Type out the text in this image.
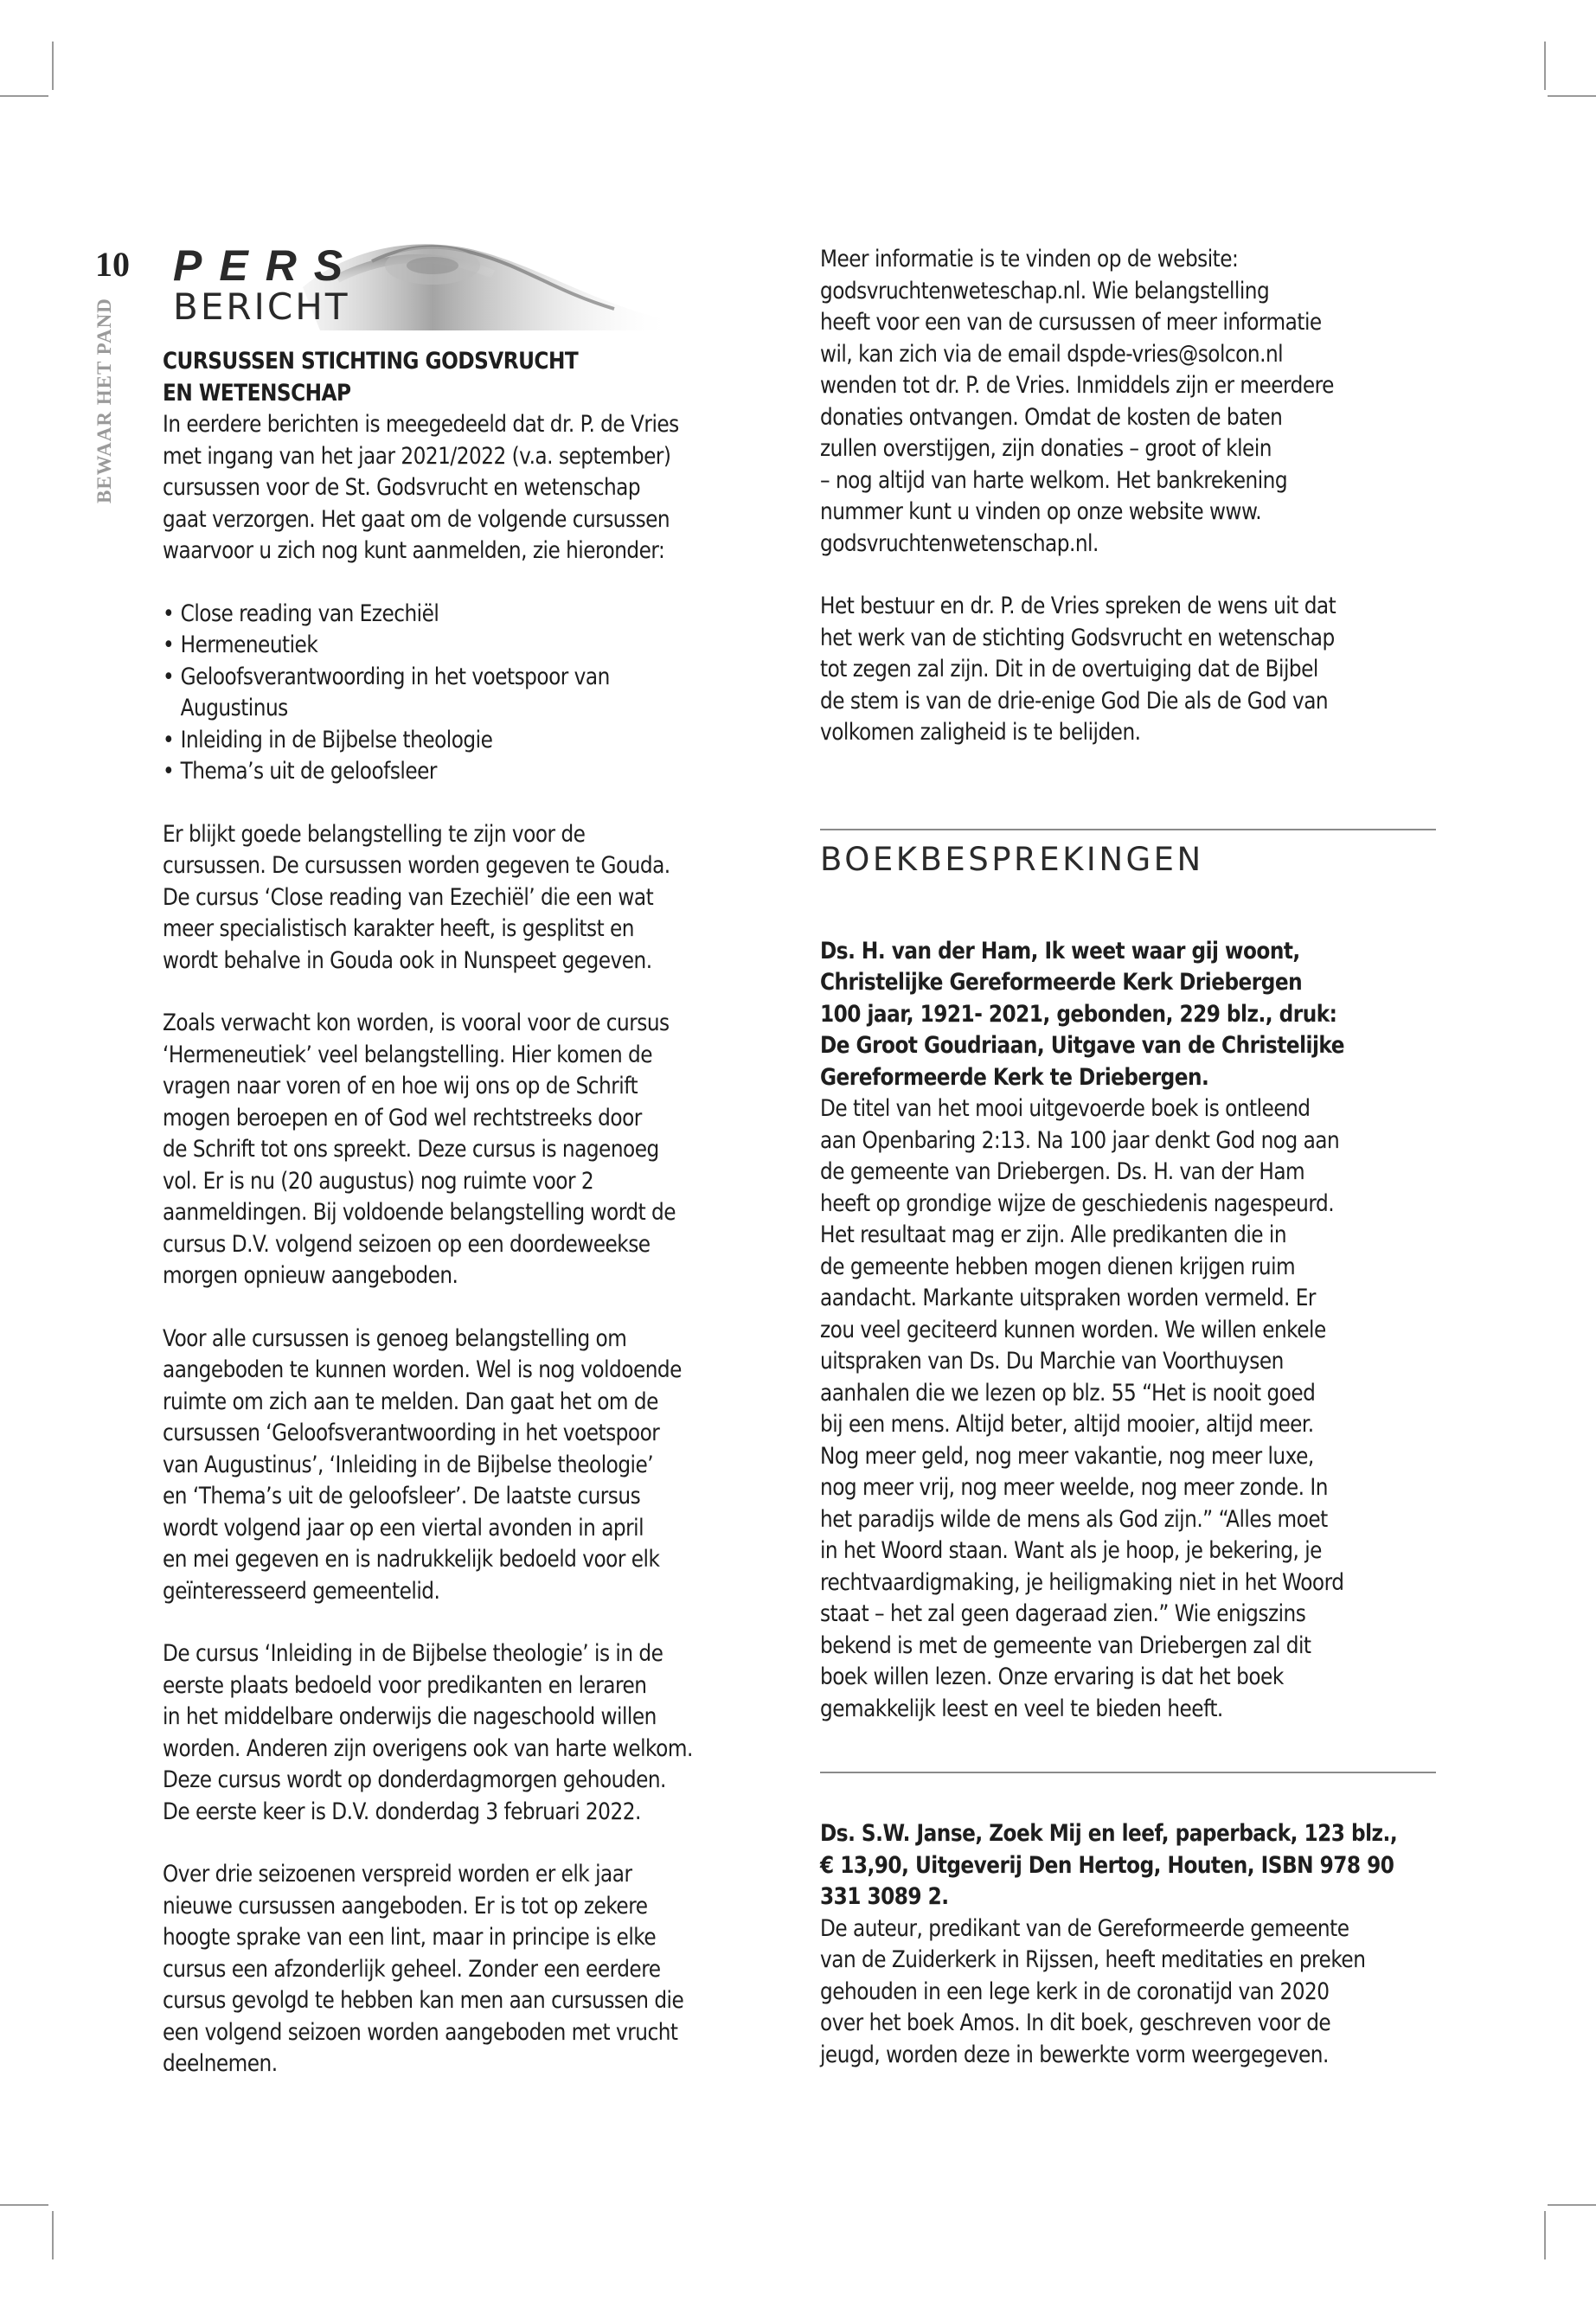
10
BEWAAR HET PAND
PERS
BERICHT

CURSUSSEN STICHTING GODSVRUCHT
EN WETENSCHAP

In eerdere berichten is meegedeeld dat dr. P. de Vries
met ingang van het jaar 2021/2022 (v.a. september)
cursussen voor de St. Godsvrucht en wetenschap
gaat verzorgen. Het gaat om de volgende cursussen
waarvoor u zich nog kunt aanmelden, zie hieronder:

• Close reading van Ezechiël
• Hermeneutiek
• Geloofsverantwoording in het voetspoor van
Augustinus
• Inleiding in de Bijbelse theologie
• Thema’s uit de geloofsleer

Er blijkt goede belangstelling te zijn voor de
cursussen. De cursussen worden gegeven te Gouda.
De cursus ‘Close reading van Ezechiël’ die een wat
meer specialistisch karakter heeft, is gesplitst en
wordt behalve in Gouda ook in Nunspeet gegeven.

Zoals verwacht kon worden, is vooral voor de cursus
‘Hermeneutiek’ veel belangstelling. Hier komen de
vragen naar voren of en hoe wij ons op de Schrift
mogen beroepen en of God wel rechtstreeks door
de Schrift tot ons spreekt. Deze cursus is nagenoeg
vol. Er is nu (20 augustus) nog ruimte voor 2
aanmeldingen. Bij voldoende belangstelling wordt de
cursus D.V. volgend seizoen op een doordeweekse
morgen opnieuw aangeboden.

Voor alle cursussen is genoeg belangstelling om
aangeboden te kunnen worden. Wel is nog voldoende
ruimte om zich aan te melden. Dan gaat het om de
cursussen ‘Geloofsverantwoording in het voetspoor
van Augustinus’, ‘Inleiding in de Bijbelse theologie’
en ‘Thema’s uit de geloofsleer’. De laatste cursus
wordt volgend jaar op een viertal avonden in april
en mei gegeven en is nadrukkelijk bedoeld voor elk
geïnteresseerd gemeentelid.

De cursus ‘Inleiding in de Bijbelse theologie’ is in de
eerste plaats bedoeld voor predikanten en leraren
in het middelbare onderwijs die nageschoold willen
worden. Anderen zijn overigens ook van harte welkom.
Deze cursus wordt op donderdagmorgen gehouden.
De eerste keer is D.V. donderdag 3 februari 2022.

Over drie seizoenen verspreid worden er elk jaar
nieuwe cursussen aangeboden. Er is tot op zekere
hoogte sprake van een lint, maar in principe is elke
cursus een afzonderlijk geheel. Zonder een eerdere
cursus gevolgd te hebben kan men aan cursussen die
een volgend seizoen worden aangeboden met vrucht
deelnemen.

Meer informatie is te vinden op de website:
godsvruchtenweteschap.nl. Wie belangstelling
heeft voor een van de cursussen of meer informatie
wil, kan zich via de email dspde-vries@solcon.nl
wenden tot dr. P. de Vries. Inmiddels zijn er meerdere
donaties ontvangen. Omdat de kosten de baten
zullen overstijgen, zijn donaties – groot of klein
– nog altijd van harte welkom. Het bankrekening
nummer kunt u vinden op onze website www.
godsvruchtenwetenschap.nl.

Het bestuur en dr. P. de Vries spreken de wens uit dat
het werk van de stichting Godsvrucht en wetenschap
tot zegen zal zijn. Dit in de overtuiging dat de Bijbel
de stem is van de drie-enige God Die als de God van
volkomen zaligheid is te belijden.

BOEKBESPREKINGEN

Ds. H. van der Ham, Ik weet waar gij woont,
Christelijke Gereformeerde Kerk Driebergen
100 jaar, 1921- 2021, gebonden, 229 blz., druk:
De Groot Goudriaan, Uitgave van de Christelijke
Gereformeerde Kerk te Driebergen.

De titel van het mooi uitgevoerde boek is ontleend
aan Openbaring 2:13. Na 100 jaar denkt God nog aan
de gemeente van Driebergen. Ds. H. van der Ham
heeft op grondige wijze de geschiedenis nagespeurd.
Het resultaat mag er zijn. Alle predikanten die in
de gemeente hebben mogen dienen krijgen ruim
aandacht. Markante uitspraken worden vermeld. Er
zou veel geciteerd kunnen worden. We willen enkele
uitspraken van Ds. Du Marchie van Voorthuysen
aanhalen die we lezen op blz. 55 “Het is nooit goed
bij een mens. Altijd beter, altijd mooier, altijd meer.
Nog meer geld, nog meer vakantie, nog meer luxe,
nog meer vrij, nog meer weelde, nog meer zonde. In
het paradijs wilde de mens als God zijn.” “Alles moet
in het Woord staan. Want als je hoop, je bekering, je
rechtvaardigmaking, je heiligmaking niet in het Woord
staat – het zal geen dageraad zien.” Wie enigszins
bekend is met de gemeente van Driebergen zal dit
boek willen lezen. Onze ervaring is dat het boek
gemakkelijk leest en veel te bieden heeft.

Ds. S.W. Janse, Zoek Mij en leef, paperback, 123 blz.,
€ 13,90, Uitgeverij Den Hertog, Houten, ISBN 978 90
331 3089 2.

De auteur, predikant van de Gereformeerde gemeente
van de Zuiderkerk in Rijssen, heeft meditaties en preken
gehouden in een lege kerk in de coronatijd van 2020
over het boek Amos. In dit boek, geschreven voor de
jeugd, worden deze in bewerkte vorm weergegeven.
